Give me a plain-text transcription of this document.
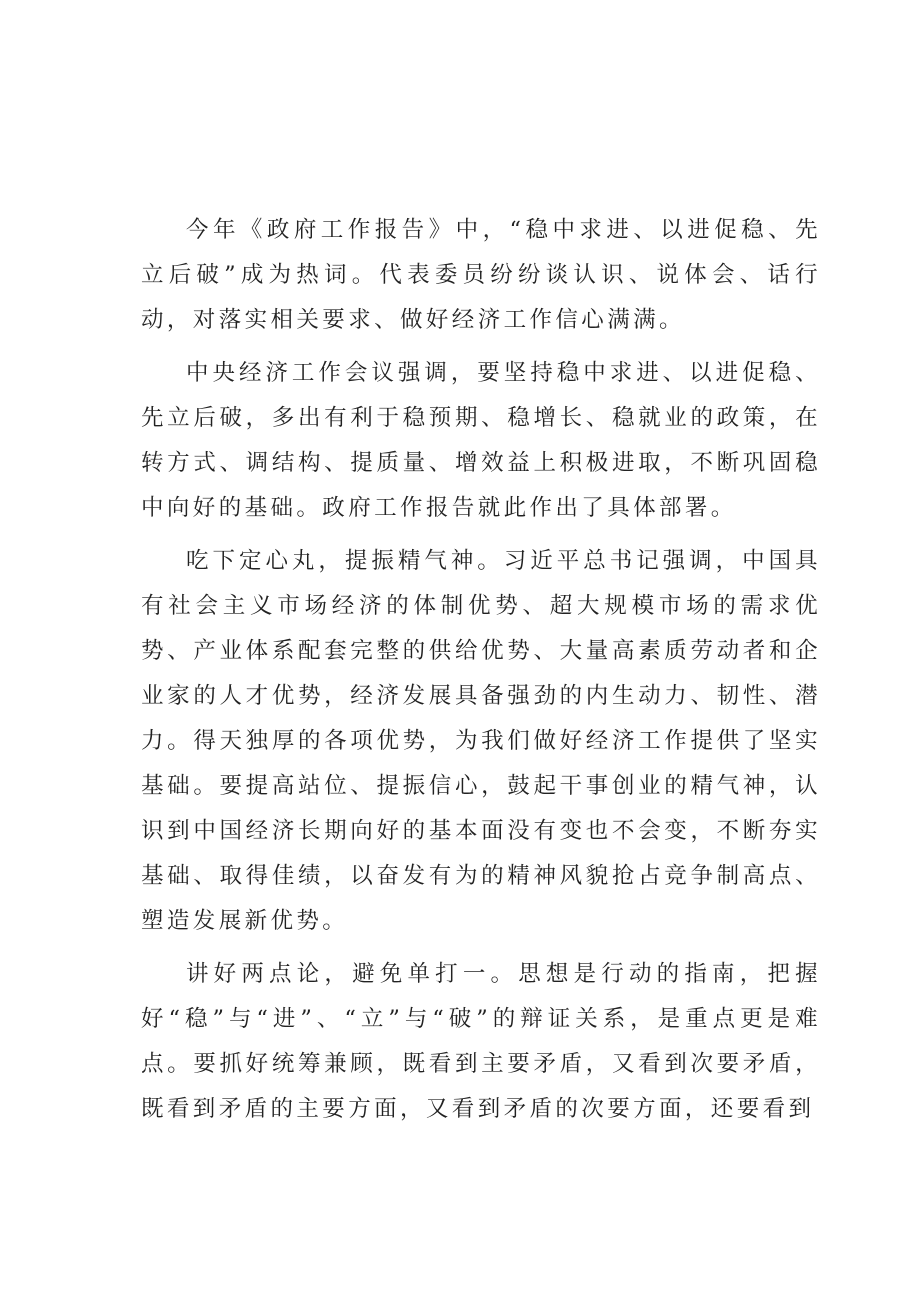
今年《政府工作报告》中，“稳中求进、以进促稳、先立后破”成为热词。代表委员纷纷谈认识、说体会、话行动，对落实相关要求、做好经济工作信心满满。

中央经济工作会议强调，要坚持稳中求进、以进促稳、先立后破，多出有利于稳预期、稳增长、稳就业的政策，在转方式、调结构、提质量、增效益上积极进取，不断巩固稳中向好的基础。政府工作报告就此作出了具体部署。

吃下定心丸，提振精气神。习近平总书记强调，中国具有社会主义市场经济的体制优势、超大规模市场的需求优势、产业体系配套完整的供给优势、大量高素质劳动者和企业家的人才优势，经济发展具备强劲的内生动力、韧性、潜力。得天独厚的各项优势，为我们做好经济工作提供了坚实基础。要提高站位、提振信心，鼓起干事创业的精气神，认识到中国经济长期向好的基本面没有变也不会变，不断夯实基础、取得佳绩，以奋发有为的精神风貌抢占竞争制高点、塑造发展新优势。

讲好两点论，避免单打一。思想是行动的指南，把握好“稳”与“进”、“立”与“破”的辩证关系，是重点更是难点。要抓好统筹兼顾，既看到主要矛盾，又看到次要矛盾，既看到矛盾的主要方面，又看到矛盾的次要方面，还要看到
